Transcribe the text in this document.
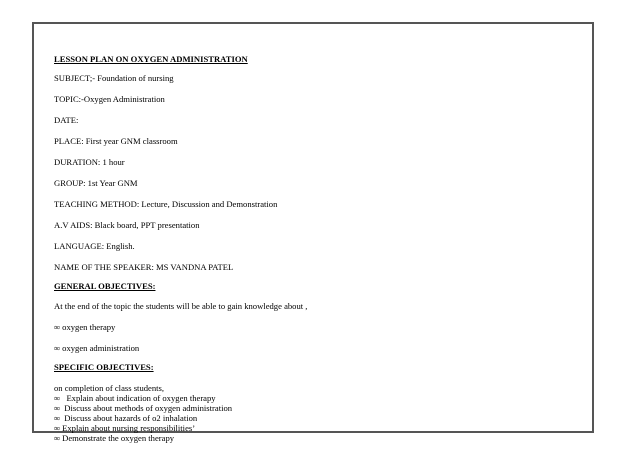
LESSON PLAN ON OXYGEN ADMINISTRATION
SUBJECT;- Foundation of nursing
TOPIC:-Oxygen Administration
DATE:
PLACE: First year GNM classroom
DURATION: 1 hour
GROUP: 1st Year GNM
TEACHING METHOD: Lecture, Discussion and Demonstration
A.V AIDS: Black board, PPT presentation
LANGUAGE: English.
NAME OF THE SPEAKER: MS VANDNA PATEL
GENERAL OBJECTIVES:
At the end of the topic the students will be able to gain knowledge about ,
∞ oxygen therapy
∞ oxygen administration
SPECIFIC OBJECTIVES:
on completion of class students,
∞  Explain about indication of oxygen therapy
∞ Discuss about methods of oxygen administration
∞ Discuss about hazards of o2 inhalation
∞ Explain about nursing responsibilities’
∞ Demonstrate the oxygen therapy
